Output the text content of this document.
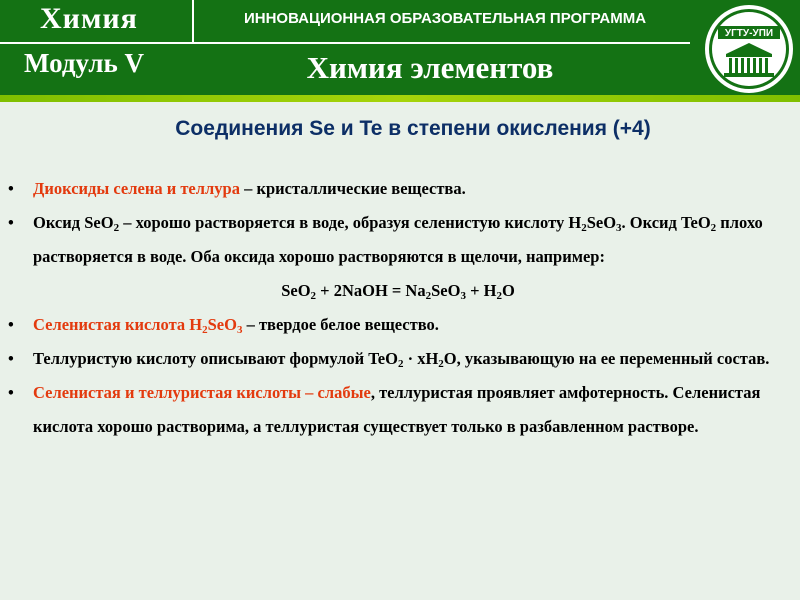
Химия
Модуль V
ИННОВАЦИОННАЯ ОБРАЗОВАТЕЛЬНАЯ ПРОГРАММА
Химия элементов
УГТУ-УПИ
Соединения Se и Te в степени окисления (+4)
• Диоксиды селена и теллура – кристаллические вещества.
• Оксид SeO$_2$ – хорошо растворяется в воде, образуя селенистую кислоту $H_2SeO_3$. Оксид TeO$_2$ плохо растворяется в воде. Оба оксида хорошо растворяются в щелочи, например:
SeO$_2$ + 2NaOH = $Na_2SeO_3 + H_2O$
• Селенистая кислота $H_2SeO_3$ – твердое белое вещество.
• Теллуристую кислоту описывают формулой $TeO_2 \cdot xH_2O$, указывающую на ее переменный состав.
• Селенистая и теллуристая кислоты – слабые, теллуристая проявляет амфотерность. Селенистая кислота хорошо растворима, а теллуристая существует только в разбавленном растворе.
